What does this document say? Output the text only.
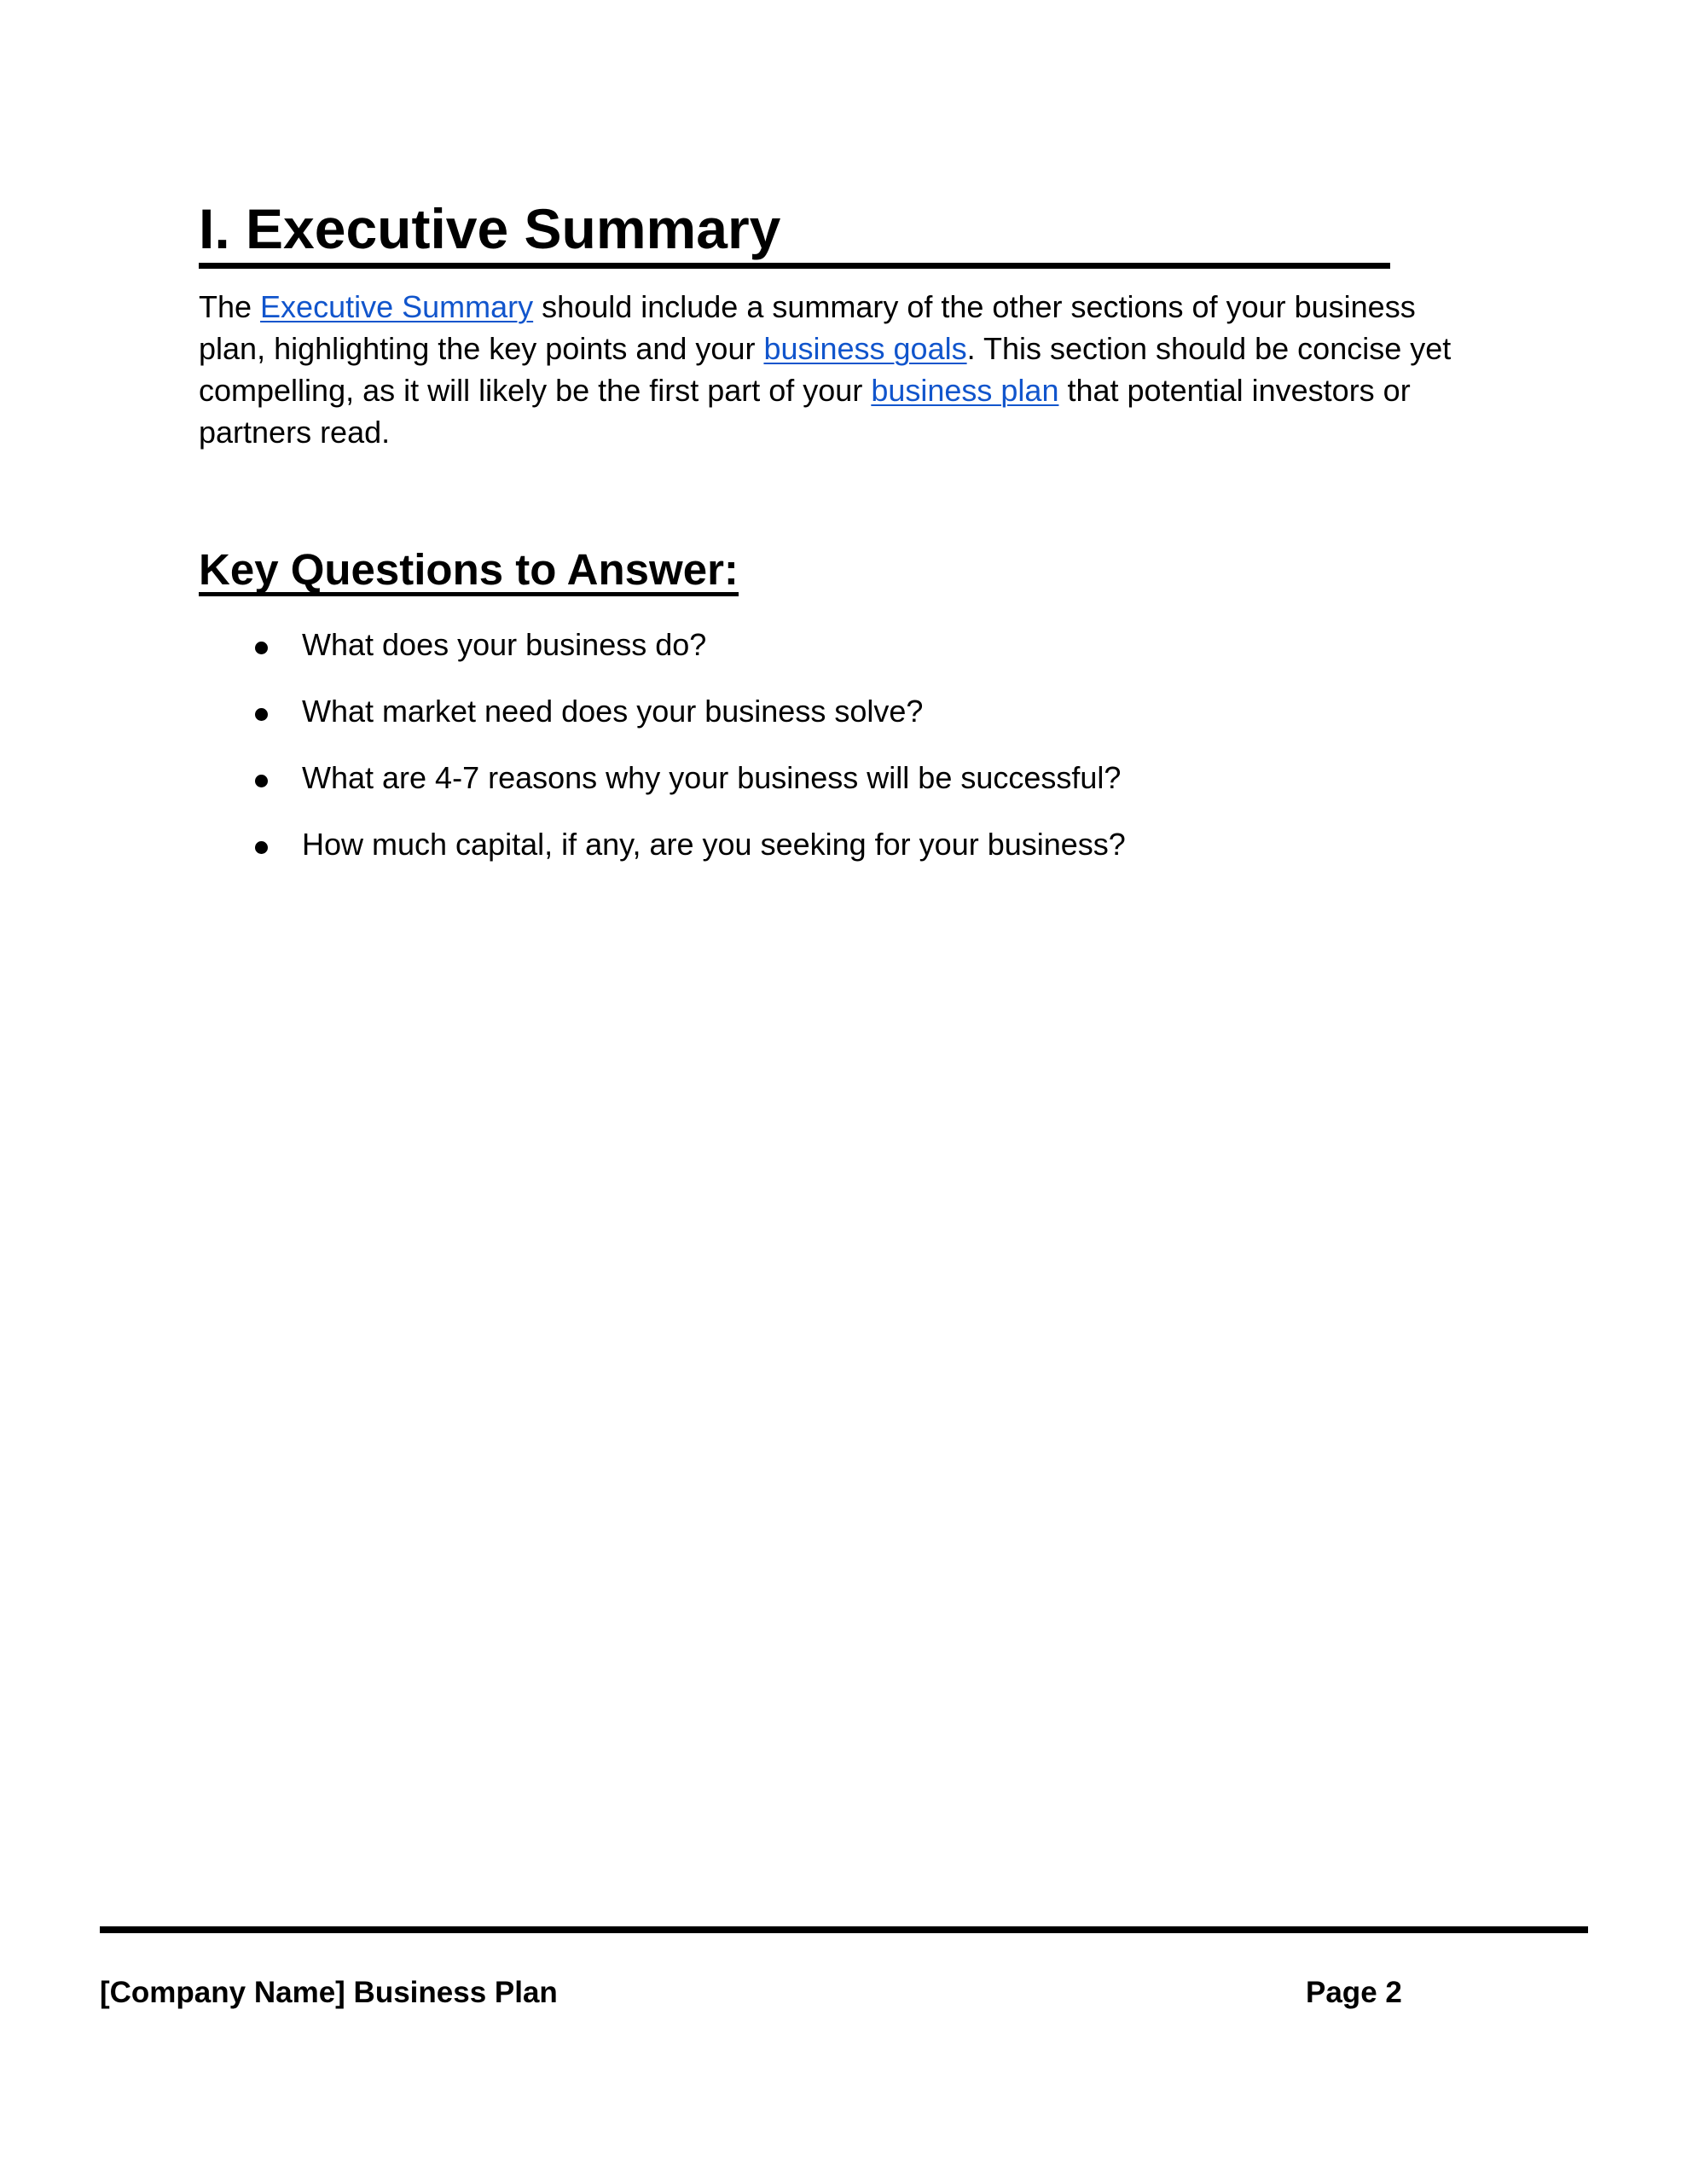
I. Executive Summary

The Executive Summary should include a summary of the other sections of your business plan, highlighting the key points and your business goals. This section should be concise yet compelling, as it will likely be the first part of your business plan that potential investors or partners read.

Key Questions to Answer:
What does your business do?
What market need does your business solve?
What are 4-7 reasons why your business will be successful?
How much capital, if any, are you seeking for your business?
[Company Name] Business Plan	Page 2
